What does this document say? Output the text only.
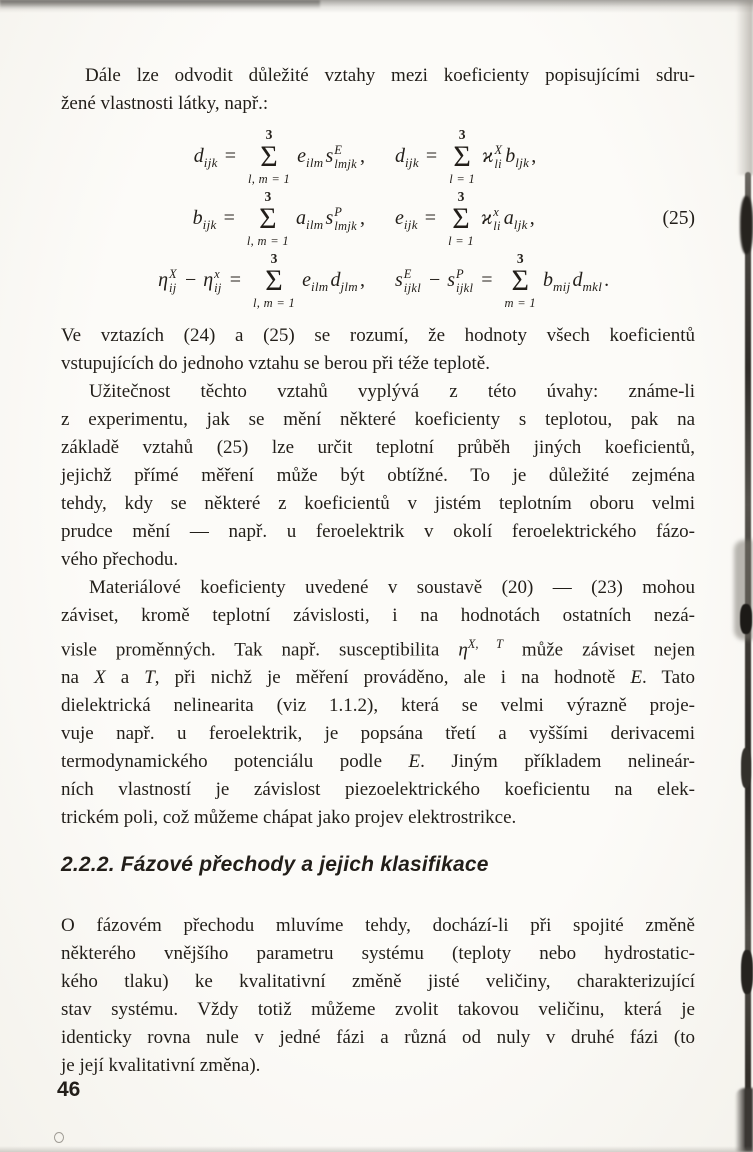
Dále lze odvodit důležité vztahy mezi koeficienty popisujícími sdru-
žené vlastnosti látky, např.:
$d_{ijk}$ =
3
Σ
l, m = 1
$e_{ilm}$ s E
lmjk , $d_{ijk}$ =
3
Σ
l = 1
ϰ X
li $b_{ljk}$ ,
$b_{ijk}$ =
3
Σ
l, m = 1
$a_{ilm}$ s P
lmjk , $e_{ijk}$ =
3
Σ
l = 1
ϰ x
li $a_{ljk}$ ,	(25)
η X
ij − η x
ij =
3
Σ
l, m = 1
$e_{ilm}$ $d_{jlm}$ , s E
ijkl − s P
ijkl =
3
Σ
m = 1
$b_{mij}$ $d_{mkl}$ .
Ve vztazích (24) a (25) se rozumí, že hodnoty všech koeficientů
vstupujících do jednoho vztahu se berou při téže teplotě.
Užitečnost těchto vztahů vyplývá z této úvahy: známe-li
z experimentu, jak se mění některé koeficienty s teplotou, pak na
základě vztahů (25) lze určit teplotní průběh jiných koeficientů,
jejichž přímé měření může být obtížné. To je důležité zejména
tehdy, kdy se některé z koeficientů v jistém teplotním oboru velmi
prudce mění — např. u feroelektrik v okolí feroelektrického fázo-
vého přechodu.
Materiálové koeficienty uvedené v soustavě (20) — (23) mohou
záviset, kromě teplotní závislosti, i na hodnotách ostatních nezá-
visle proměnných. Tak např. susceptibilita $\eta^{X, T}$ může záviset nejen
na X a T, při nichž je měření prováděno, ale i na hodnotě E. Tato
dielektrická nelinearita (viz 1.1.2), která se velmi výrazně proje-
vuje např. u feroelektrik, je popsána třetí a vyššími derivacemi
termodynamického potenciálu podle E. Jiným příkladem nelineár-
ních vlastností je závislost piezoelektrického koeficientu na elek-
trickém poli, což můžeme chápat jako projev elektrostrikce.
2.2.2. Fázové přechody a jejich klasifikace
O fázovém přechodu mluvíme tehdy, dochází-li při spojité změně
některého vnějšího parametru systému (teploty nebo hydrostatic-
kého tlaku) ke kvalitativní změně jisté veličiny, charakterizující
stav systému. Vždy totiž můžeme zvolit takovou veličinu, která je
identicky rovna nule v jedné fázi a různá od nuly v druhé fázi (to
je její kvalitativní změna).
46
